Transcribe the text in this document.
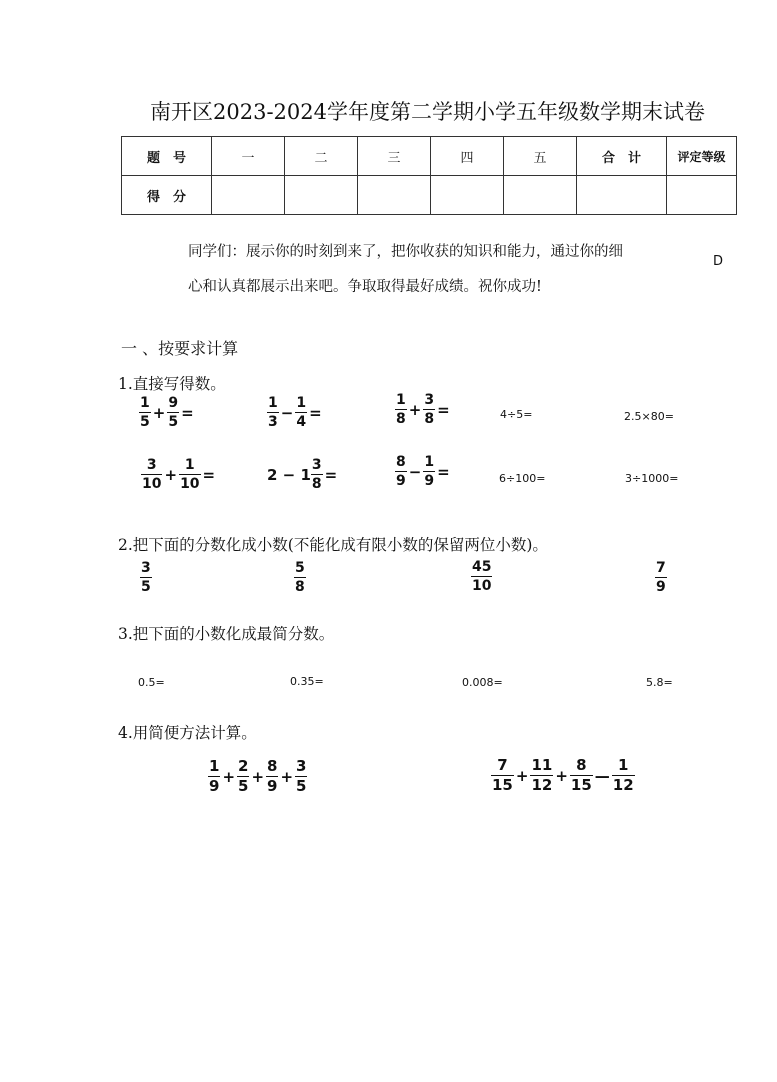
南开区2023-2024学年度第二学期小学五年级数学期末试卷
题　号	一	二	三	四	五	合　计	评定等级
得　分							
同学们：展示你的时刻到来了，把你收获的知识和能力，通过你的细
心和认真都展示出来吧。争取取得最好成绩。祝你成功!
D
一 、按要求计算
1.直接写得数。
$\frac{1}{5} + \frac{9}{5}$ =	$\frac{1}{3} - \frac{1}{4}$ =	$\frac{1}{8} + \frac{3}{8}$ =	4÷5=	2.5×80=
$\frac{3}{10} + \frac{1}{10}$ =	$2 - 1 \frac{3}{8}$ =	$\frac{8}{9} - \frac{1}{9}$ =	6÷100=	3÷1000=
2.把下面的分数化成小数(不能化成有限小数的保留两位小数)。
$\frac{3}{5}$	$\frac{5}{8}$	$\frac{45}{10}$	$\frac{7}{9}$
3.把下面的小数化成最简分数。
0.5=	0.35=	0.008=	5.8=
4.用简便方法计算。
$\frac{1}{9} + \frac{2}{5} + \frac{8}{9} + \frac{3}{5}$	$\frac{7}{15} + \frac{11}{12} + \frac{8}{15}$ — $\frac{1}{12}$
